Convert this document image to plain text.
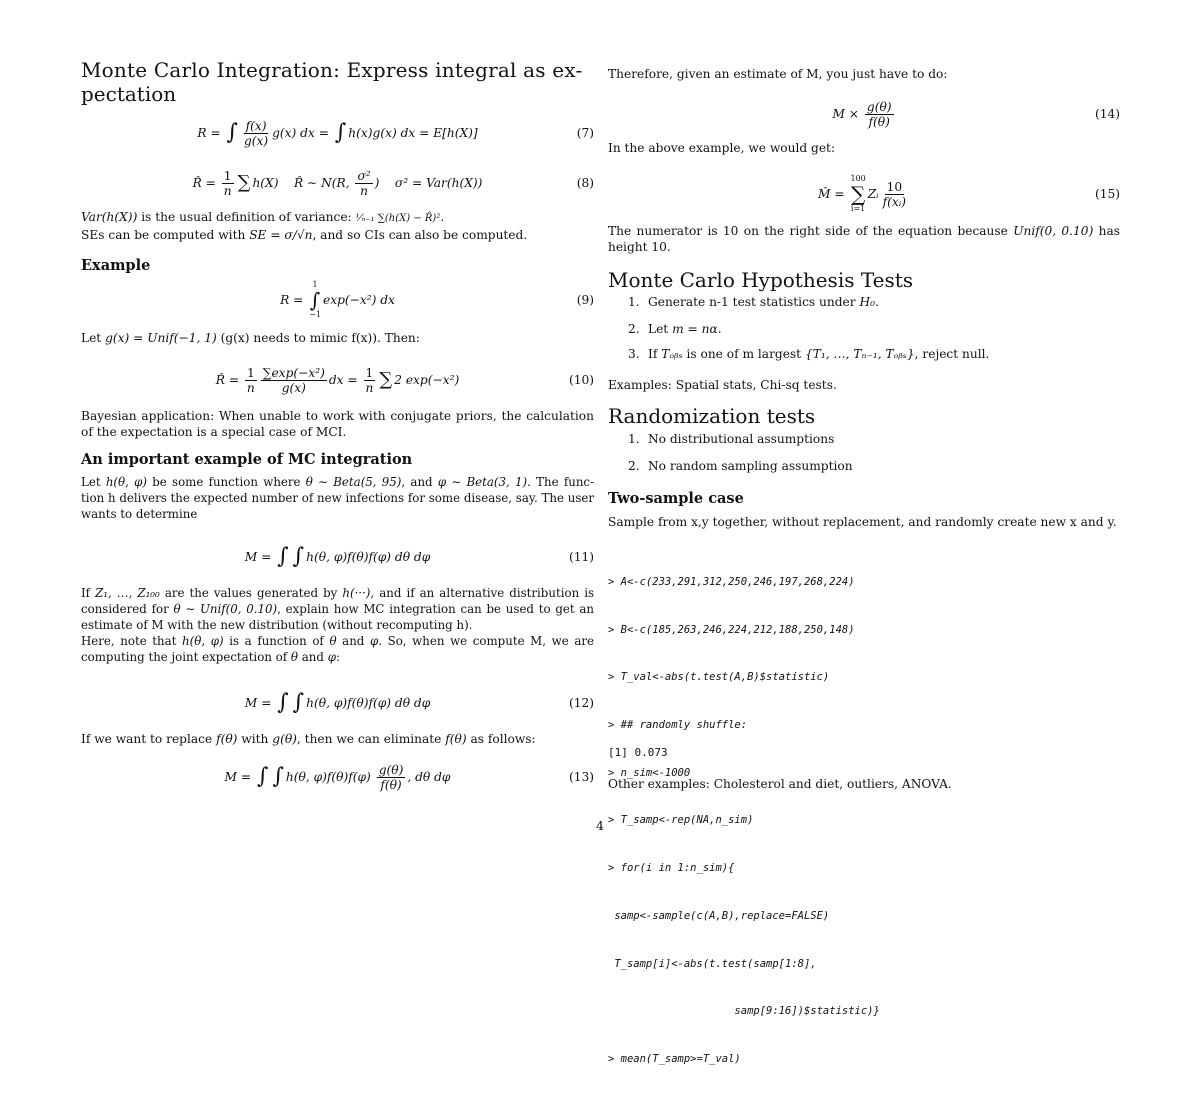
Monte Carlo Integration: Express integral as ex-
pectation
R = ∫ $\frac{f(x)}{g(x)} g(x)$ dx = ∫ h(x)g(x) dx = E[h(X)]	(7)
R̂ = $\frac{1}{n}$ ∑ h(X)    R̂ ∼ N(R, $\frac{\text{σ²}}{n}$ )    σ² = Var(h(X))	(8)
Var(h(X)) is the usual definition of variance: ¹⁄ₙ₋₁ ∑(h(X) − R̂)².
SEs can be computed with SE = σ/√n, and so CIs can also be computed.
Example
R =
1
∫
−1
exp(−x²) dx	(9)
Let g(x) = Unif(−1, 1) (g(x) needs to mimic f(x)). Then:
R̂ = $\frac{1}{n} \frac{\text{∑exp(−x²)}}{g(x)}$ dx = $\frac{1}{n}$ ∑ 2 exp(−x²)	(10)
Bayesian application: When unable to work with conjugate priors, the calculation of the expectation is a special case of MCI.
An important example of MC integration
Let h(θ, φ) be some function where θ ∼ Beta(5, 95), and φ ∼ Beta(3, 1). The func- tion h delivers the expected number of new infections for some disease, say. The user wants to determine
M = ∫ ∫ h(θ, φ)f(θ)f(φ) dθ dφ	(11)
If Z₁, …, Z₁₀₀ are the values generated by h(···), and if an alternative distribution is considered for θ ∼ Unif(0, 0.10), explain how MC integration can be used to get an estimate of M with the new distribution (without recomputing h).
Here, note that h(θ, φ) is a function of θ and φ. So, when we compute M, we are computing the joint expectation of θ and φ:
M = ∫ ∫ h(θ, φ)f(θ)f(φ) dθ dφ	(12)
If we want to replace f(θ) with g(θ), then we can eliminate f(θ) as follows:
M = ∫ ∫ h(θ, $\varphi)f(\theta)f(\varphi) \frac{g(\theta)}{f(\theta)}$ , dθ dφ	(13)
Therefore, given an estimate of M, you just have to do:
$M \times \frac{g(\theta)}{f(\theta)}$	(14)
In the above example, we would get:
M̂ =
100
∑
i=1
Zᵢ $\frac{10}{\text{f(xᵢ)}}$	(15)
The numerator is 10 on the right side of the equation because Unif(0, 0.10) has height 10.
Monte Carlo Hypothesis Tests
1. Generate n-1 test statistics under H₀.
2. Let m = nα.
3. If Tₒᵦₛ is one of m largest {T₁, …, Tₙ₋₁, Tₒᵦₛ}, reject null.
Examples: Spatial stats, Chi-sq tests.
Randomization tests
1. No distributional assumptions
2. No random sampling assumption
Two-sample case
Sample from x,y together, without replacement, and randomly create new x and y.

> A<-c(233,291,312,250,246,197,268,224)

> B<-c(185,263,246,224,212,188,250,148)

> T_val<-abs(t.test(A,B)$statistic)

> ## randomly shuffle:

> n_sim<-1000

> T_samp<-rep(NA,n_sim)

> for(i in 1:n_sim){

samp<-sample(c(A,B),replace=FALSE)

T_samp[i]<-abs(t.test(samp[1:8],

samp[9:16])$statistic)}

> mean(T_samp>=T_val)

[1] 0.073
Other examples: Cholesterol and diet, outliers, ANOVA.
4
